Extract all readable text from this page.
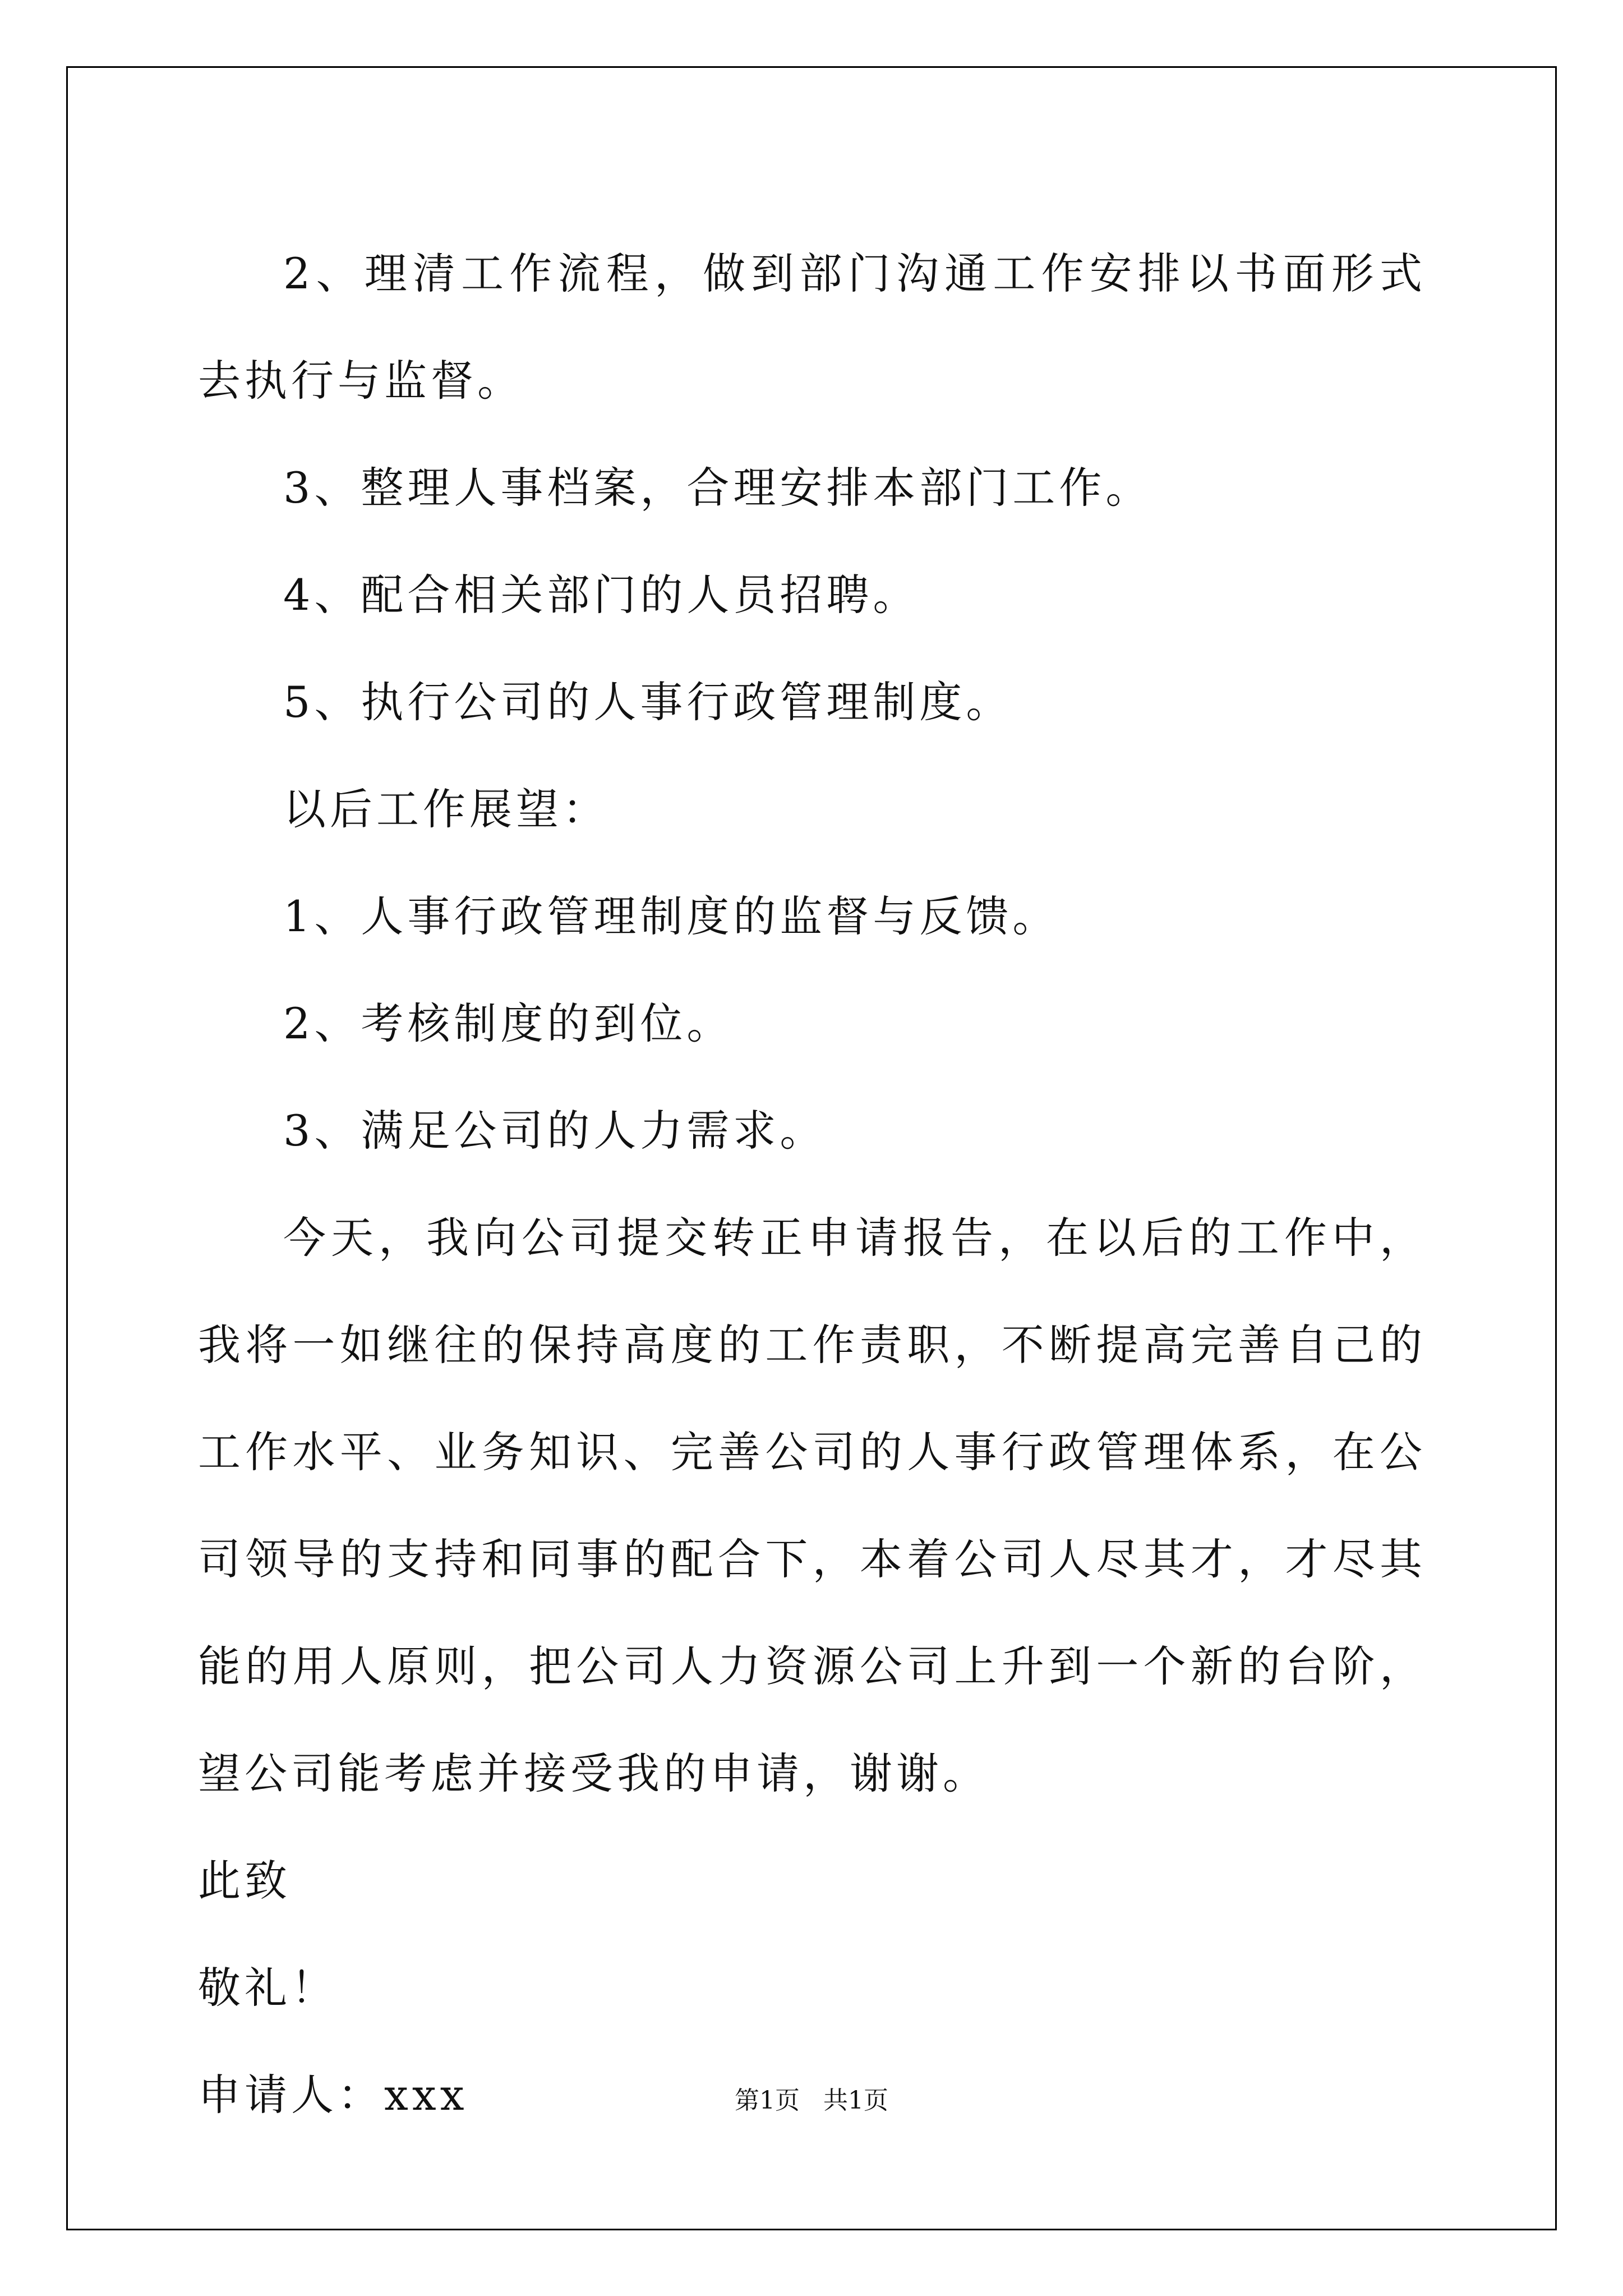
2、理清工作流程，做到部门沟通工作安排以书面形式去执行与监督。

3、整理人事档案，合理安排本部门工作。

4、配合相关部门的人员招聘。

5、执行公司的人事行政管理制度。

以后工作展望：

1、人事行政管理制度的监督与反馈。

2、考核制度的到位。

3、满足公司的人力需求。

今天，我向公司提交转正申请报告，在以后的工作中，我将一如继往的保持高度的工作责职，不断提高完善自己的工作水平、业务知识、完善公司的人事行政管理体系，在公司领导的支持和同事的配合下，本着公司人尽其才，才尽其能的用人原则，把公司人力资源公司上升到一个新的台阶，望公司能考虑并接受我的申请，谢谢。

此致

敬礼！

申请人：xxx	第1页 共1页
